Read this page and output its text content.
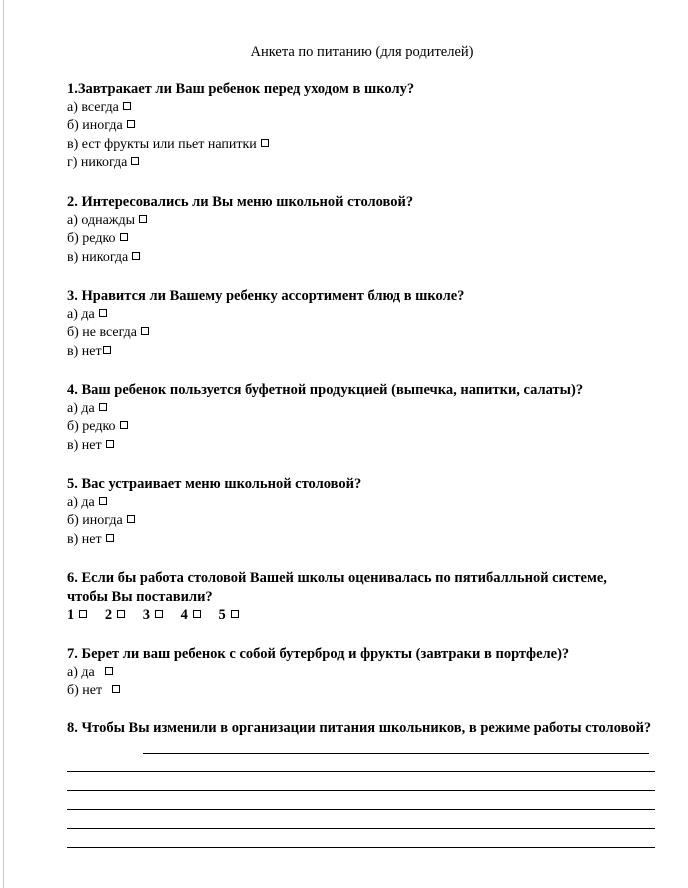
Анкета по питанию (для родителей)
1.Завтракает ли Ваш ребенок перед уходом в школу?
а) всегда
б) иногда
в) ест фрукты или пьет напитки
г) никогда
2. Интересовались ли Вы меню школьной столовой?
а) однажды
б) редко
в) никогда
3. Нравится ли Вашему ребенку ассортимент блюд в школе?
а) да
б) не всегда
в) нет
4. Ваш ребенок пользуется буфетной продукцией (выпечка, напитки, салаты)?
а) да
б) редко
в) нет
5. Вас устраивает меню школьной столовой?
а) да
б) иногда
в) нет
6. Если бы работа столовой Вашей школы оценивалась по пятибалльной системе, чтобы Вы поставили?
1 2 3 4 5
7. Берет ли ваш ребенок с собой бутерброд и фрукты (завтраки в портфеле)?
а) да
б) нет
8. Чтобы Вы изменили в организации питания школьников, в режиме работы столовой?
